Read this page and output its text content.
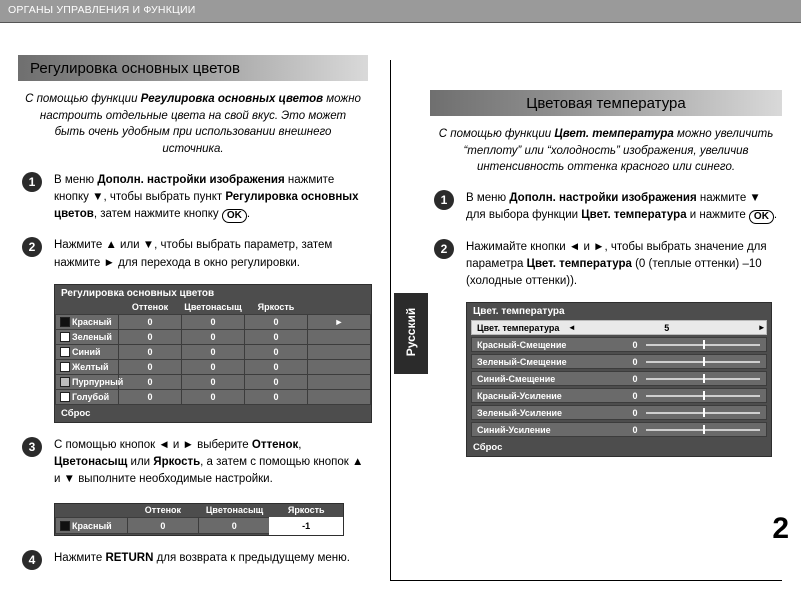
ОРГАНЫ УПРАВЛЕНИЯ И ФУНКЦИИ
Русский
2
Регулировка основных цветов
С помощью функции Регулировка основных цветов можно настроить отдельные цвета на свой вкус. Это может быть очень удобным при использовании внешнего источника.
1	В меню Дополн. настройки изображения нажмите кнопку ▼, чтобы выбрать пункт Регулировка основных цветов, затем нажмите кнопку OK .
2	Нажмите ▲ или ▼, чтобы выбрать параметр, затем нажмите ► для перехода в окно регулировки.
Регулировка основных цветов
	Оттенок	Цветонасыщ	Яркость	

Красный	0	0	0	►

Зеленый	0	0	0	

Синий	0	0	0	

Желтый	0	0	0	

Пурпурный	0	0	0	

Голубой	0	0	0	
Сброс
3	С помощью кнопок ◄ и ► выберите Оттенок, Цветонасыщ или Яркость, а затем с помощью кнопок ▲ и ▼ выполните необходимые настройки.
	Оттенок	Цветонасыщ	Яркость

Красный	0	0	-1
4	Нажмите RETURN для возврата к предыдущему меню.
Цветовая температура
С помощью функции Цвет. температура можно увеличить “теплоту” или “холодность” изображения, увеличив интенсивность оттенка красного или синего.
1	В меню Дополн. настройки изображения нажмите ▼ для выбора функции Цвет. температура и нажмите OK .
2	Нажимайте кнопки ◄ и ►, чтобы выбрать значение для параметра Цвет. температура (0 (теплые оттенки) –10 (холодные оттенки)).
Цвет. температура
Цвет. температура	◄	5	►
Красный-Смещение	0
Зеленый-Смещение	0
Синий-Смещение	0
Красный-Усиление	0
Зеленый-Усиление	0
Синий-Усиление	0
Сброс
